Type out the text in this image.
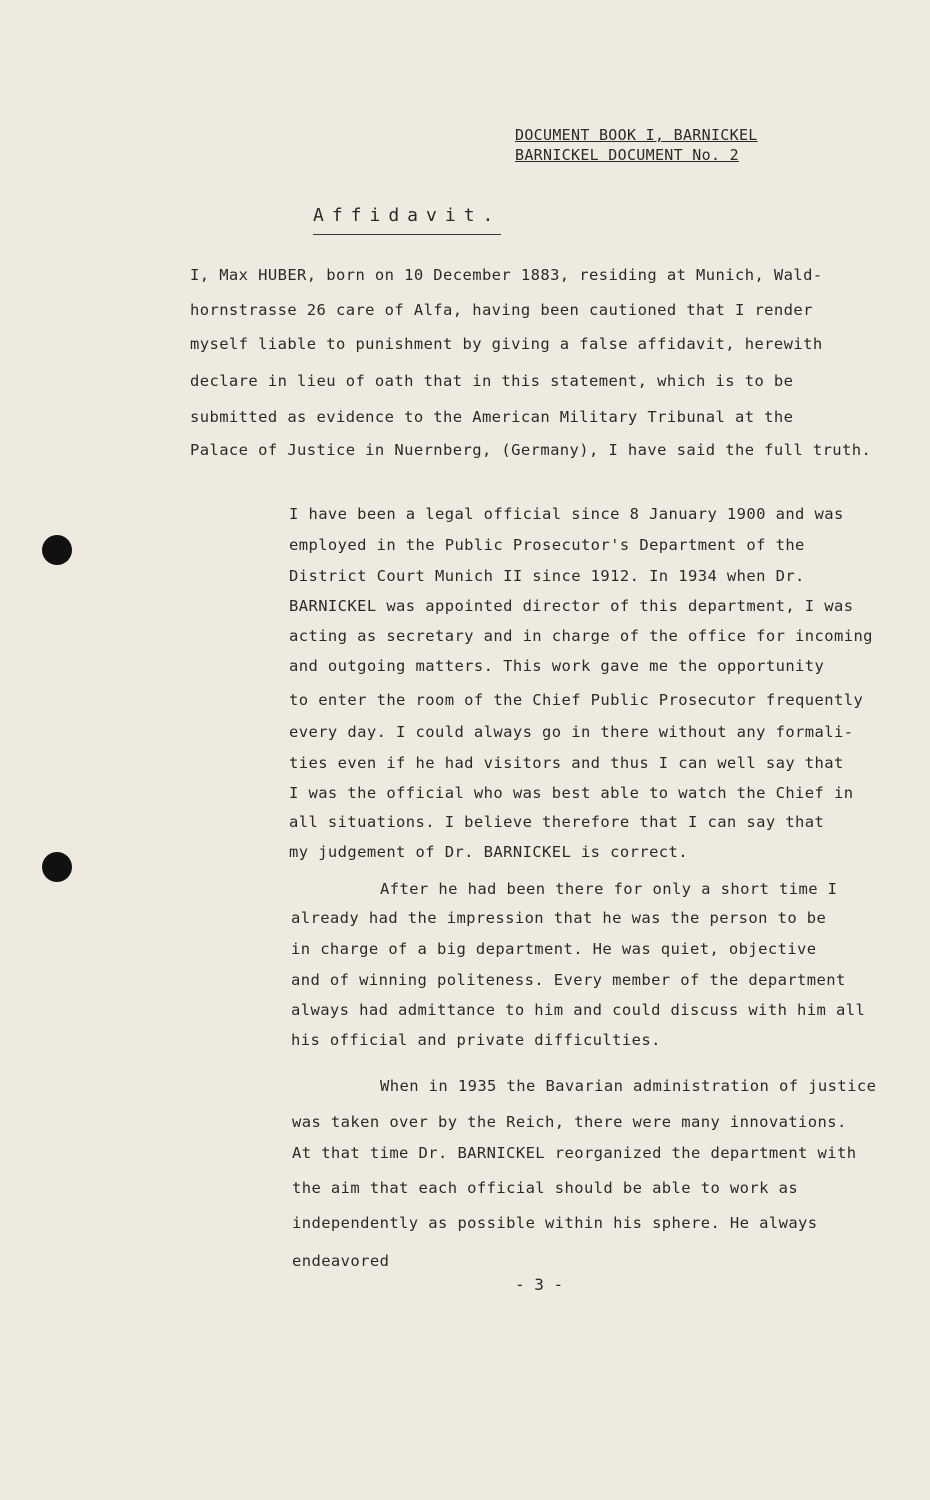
DOCUMENT BOOK I, BARNICKEL
BARNICKEL DOCUMENT No. 2
Affidavit.
I, Max HUBER, born on 10 December 1883, residing at Munich, Wald-
hornstrasse 26 care of Alfa, having been cautioned that I render
myself liable to punishment by giving a false affidavit, herewith
declare in lieu of oath that in this statement, which is to be
submitted as evidence to the American Military Tribunal at the
Palace of Justice in Nuernberg, (Germany), I have said the full truth.
I have been a legal official since 8 January 1900 and was
employed in the Public Prosecutor's Department of the
District Court Munich II since 1912. In 1934 when Dr.
BARNICKEL was appointed director of this department, I was
acting as secretary and in charge of the office for incoming
and outgoing matters. This work gave me the opportunity
to enter the room of the Chief Public Prosecutor frequently
every day. I could always go in there without any formali-
ties even if he had visitors and thus I can well say that
I was the official who was best able to watch the Chief in
all situations. I believe therefore that I can say that
my judgement of Dr. BARNICKEL is correct.
After he had been there for only a short time I
already had the impression that he was the person to be
in charge of a big department. He was quiet, objective
and of winning politeness. Every member of the department
always had admittance to him and could discuss with him all
his official and private difficulties.
When in 1935 the Bavarian administration of justice
was taken over by the Reich, there were many innovations.
At that time Dr. BARNICKEL reorganized the department with
the aim that each official should be able to work as
independently as possible within his sphere. He always
endeavored
- 3 -
